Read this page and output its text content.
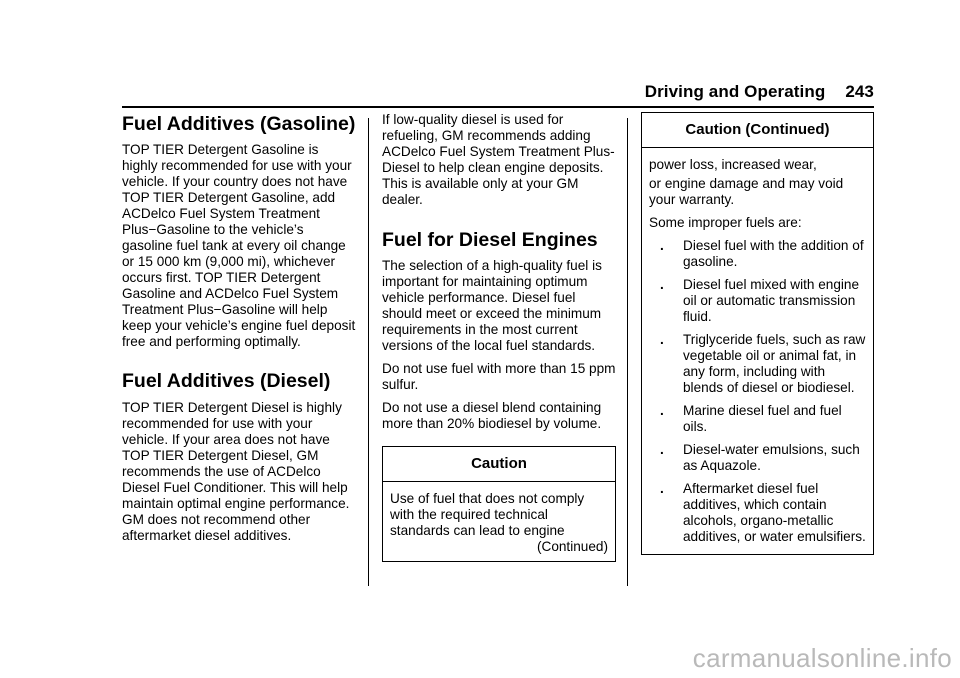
Driving and Operating 243
Fuel Additives (Gasoline)

TOP TIER Detergent Gasoline is highly recommended for use with your vehicle. If your country does not have TOP TIER Detergent Gasoline, add ACDelco Fuel System Treatment Plus−Gasoline to the vehicle’s gasoline fuel tank at every oil change or 15 000 km (9,000 mi), whichever occurs first. TOP TIER Detergent Gasoline and ACDelco Fuel System Treatment Plus−Gasoline will help keep your vehicle’s engine fuel deposit free and performing optimally.

Fuel Additives (Diesel)

TOP TIER Detergent Diesel is highly recommended for use with your vehicle. If your area does not have TOP TIER Detergent Diesel, GM recommends the use of ACDelco Diesel Fuel Conditioner. This will help maintain optimal engine performance. GM does not recommend other aftermarket diesel additives.

If low-quality diesel is used for refueling, GM recommends adding ACDelco Fuel System Treatment Plus-Diesel to help clean engine deposits. This is available only at your GM dealer.

Fuel for Diesel Engines

The selection of a high-quality fuel is important for maintaining optimum vehicle performance. Diesel fuel should meet or exceed the minimum requirements in the most current versions of the local fuel standards.

Do not use fuel with more than 15 ppm sulfur.

Do not use a diesel blend containing more than 20% biodiesel by volume.

Caution

Use of fuel that does not comply with the required technical standards can lead to engine

(Continued)

Caution (Continued)

power loss, increased wear,

or engine damage and may void your warranty.

Some improper fuels are:

. Diesel fuel with the addition of gasoline.
. Diesel fuel mixed with engine oil or automatic transmission fluid.
. Triglyceride fuels, such as raw vegetable oil or animal fat, in any form, including with blends of diesel or biodiesel.
. Marine diesel fuel and fuel oils.
. Diesel-water emulsions, such as Aquazole.
. Aftermarket diesel fuel additives, which contain alcohols, organo-metallic additives, or water emulsifiers.
carmanualsonline.info
